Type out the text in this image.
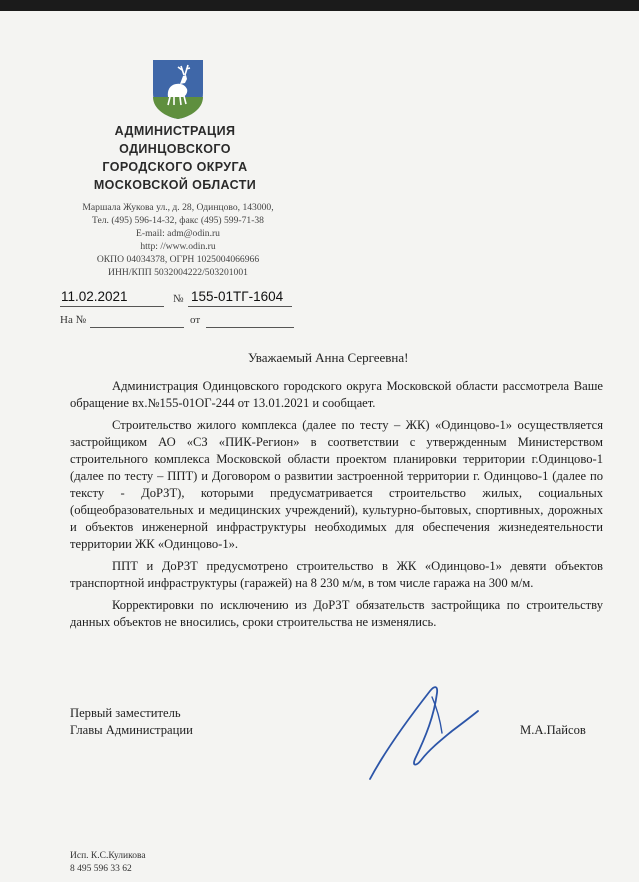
АДМИНИСТРАЦИЯ
ОДИНЦОВСКОГО
ГОРОДСКОГО ОКРУГА
МОСКОВСКОЙ ОБЛАСТИ
Маршала Жукова ул., д. 28, Одинцово, 143000,
Тел. (495) 596-14-32, факс (495) 599-71-38
E-mail: adm@odin.ru
http: //www.odin.ru
ОКПО 04034378, ОГРН 1025004066966
ИНН/КПП 5032004222/503201001
11.02.2021	№ 155-01ТГ-1604
На №	от
Уважаемый Анна Сергеевна!

Администрация Одинцовского городского округа Московской области рассмотрела Ваше обращение вх.№155-01ОГ-244 от 13.01.2021 и сообщает.

Строительство жилого комплекса (далее по тесту – ЖК) «Одинцово-1» осуществляется застройщиком АО «СЗ «ПИК-Регион» в соответствии с утвержденным Министерством строительного комплекса Московской области проектом планировки территории г.Одинцово-1 (далее по тесту – ППТ) и Договором о развитии застроенной территории г. Одинцово-1 (далее по тексту - ДоРЗТ), которыми предусматривается строительство жилых, социальных (общеобразовательных и медицинских учреждений), культурно-бытовых, спортивных, дорожных и объектов инженерной инфраструктуры необходимых для обеспечения жизнедеятельности территории ЖК «Одинцово-1».

ППТ и ДоРЗТ предусмотрено строительство в ЖК «Одинцово-1» девяти объектов транспортной инфраструктуры (гаражей) на 8 230 м/м, в том числе гаража на 300 м/м.

Корректировки по исключению из ДоРЗТ обязательств застройщика по строительству данных объектов не вносились, сроки строительства не изменялись.

Первый заместитель
Главы Администрации	М.А.Пайсов
Исп. К.С.Куликова
8 495 596 33 62
